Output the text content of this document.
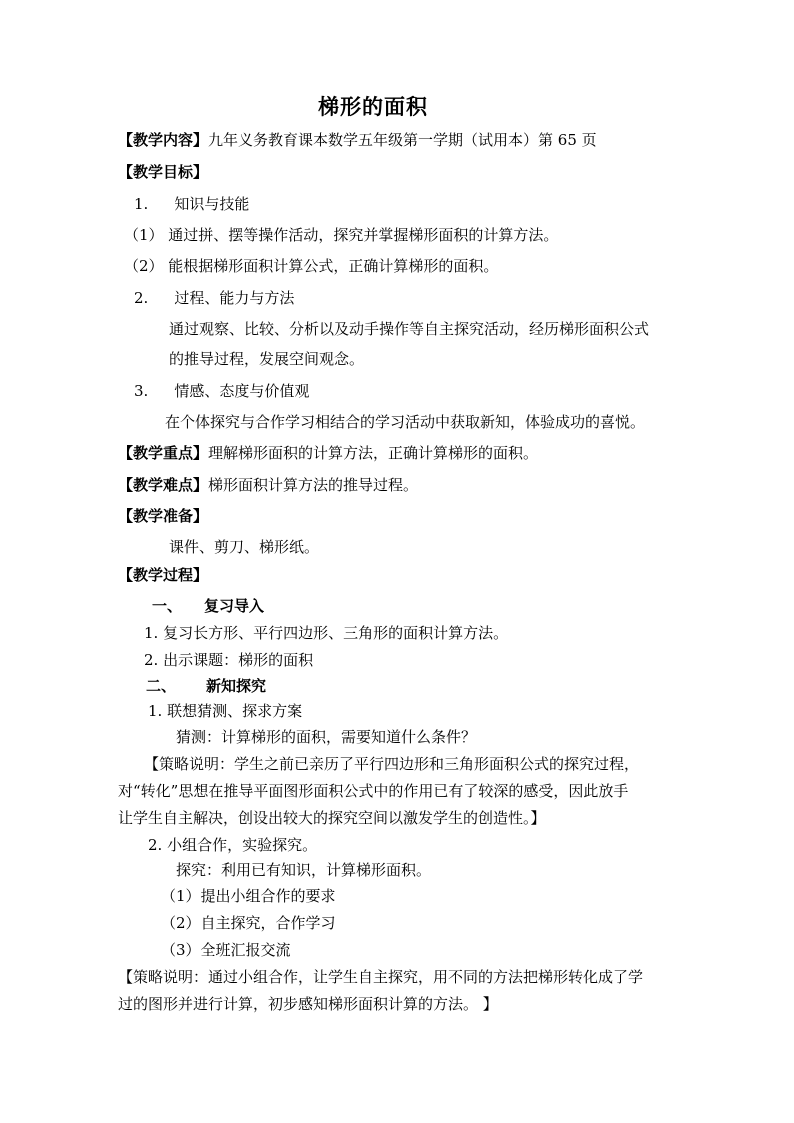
梯形的面积
【教学内容】九年义务教育课本数学五年级第一学期（试用本）第 65 页
【教学目标】
1. 知识与技能
（1） 通过拼、摆等操作活动，探究并掌握梯形面积的计算方法。
（2） 能根据梯形面积计算公式，正确计算梯形的面积。
2. 过程、能力与方法
通过观察、比较、分析以及动手操作等自主探究活动，经历梯形面积公式
的推导过程，发展空间观念。
3. 情感、态度与价值观
在个体探究与合作学习相结合的学习活动中获取新知，体验成功的喜悦。
【教学重点】理解梯形面积的计算方法，正确计算梯形的面积。
【教学难点】梯形面积计算方法的推导过程。
【教学准备】
课件、剪刀、梯形纸。
【教学过程】
一、 复习导入
1. 复习长方形、平行四边形、三角形的面积计算方法。
2. 出示课题：梯形的面积
二、 新知探究
1. 联想猜测、探求方案
猜测：计算梯形的面积，需要知道什么条件？
【策略说明：学生之前已亲历了平行四边形和三角形面积公式的探究过程，
对“转化”思想在推导平面图形面积公式中的作用已有了较深的感受，因此放手
让学生自主解决，创设出较大的探究空间以激发学生的创造性。】
2. 小组合作，实验探究。
探究：利用已有知识，计算梯形面积。
（1）提出小组合作的要求
（2）自主探究，合作学习
（3）全班汇报交流
【策略说明：通过小组合作，让学生自主探究，用不同的方法把梯形转化成了学
过的图形并进行计算，初步感知梯形面积计算的方法。 】
